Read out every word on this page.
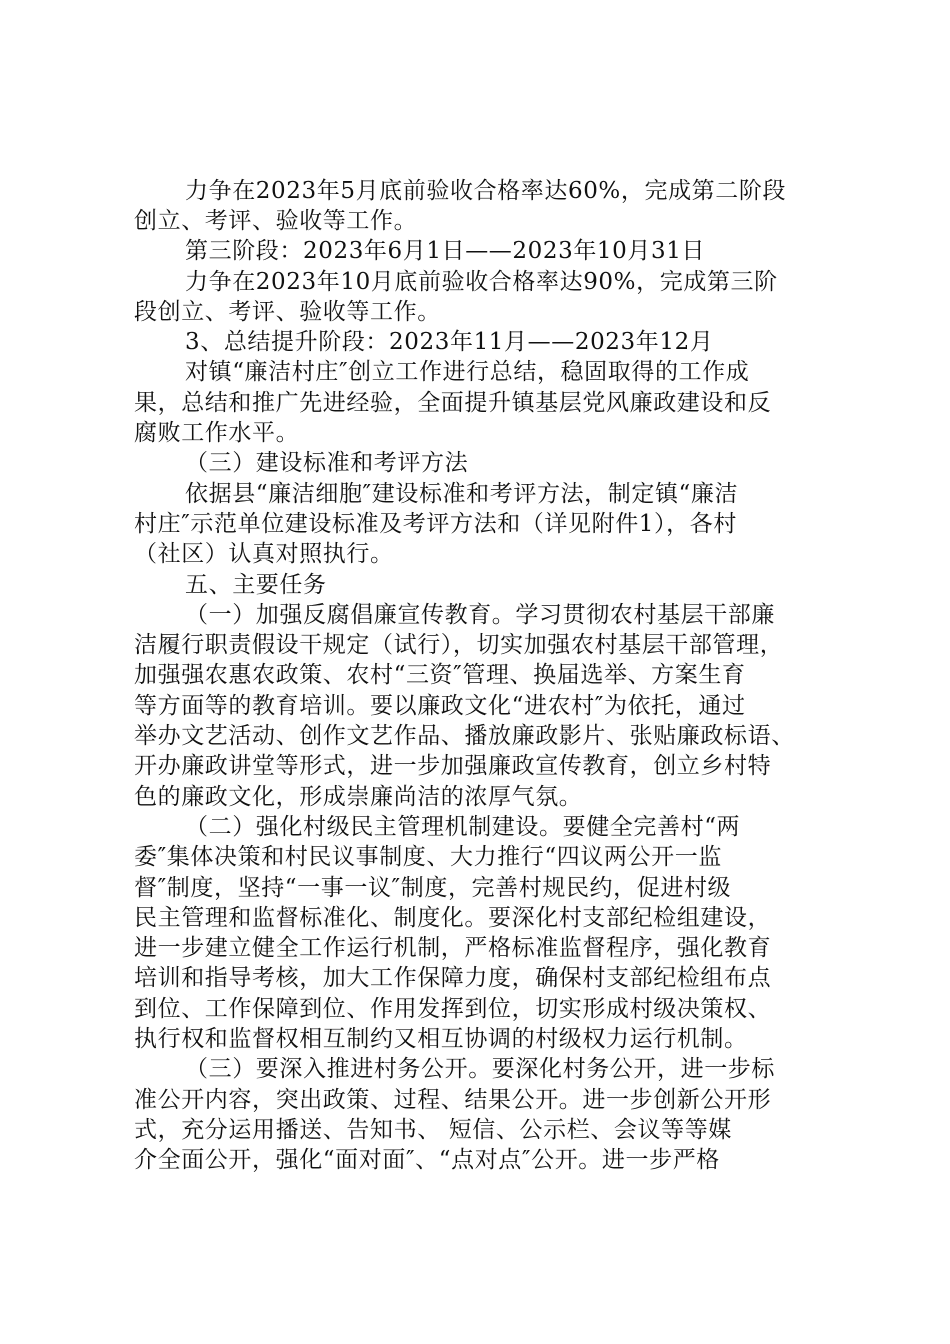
力争在2023年5月底前验收合格率达60%，完成第二阶段
创立、考评、验收等工作。
第三阶段：2023年6月1日——2023年10月31日
力争在2023年10月底前验收合格率达90%，完成第三阶
段创立、考评、验收等工作。
3、总结提升阶段：2023年11月——2023年12月
对镇“廉洁村庄″创立工作进行总结，稳固取得的工作成
果，总结和推广先进经验，全面提升镇基层党风廉政建设和反
腐败工作水平。
（三）建设标准和考评方法
依据县“廉洁细胞″建设标准和考评方法，制定镇“廉洁
村庄″示范单位建设标准及考评方法和（详见附件1），各村
（社区）认真对照执行。
五、主要任务
（一）加强反腐倡廉宣传教育。学习贯彻农村基层干部廉
洁履行职责假设干规定（试行），切实加强农村基层干部管理，
加强强农惠农政策、农村“三资″管理、换届选举、方案生育
等方面等的教育培训。要以廉政文化“进农村″为依托，通过
举办文艺活动、创作文艺作品、播放廉政影片、张贴廉政标语、
开办廉政讲堂等形式，进一步加强廉政宣传教育，创立乡村特
色的廉政文化，形成崇廉尚洁的浓厚气氛。
（二）强化村级民主管理机制建设。要健全完善村“两
委″集体决策和村民议事制度、大力推行“四议两公开一监
督″制度，坚持“一事一议″制度，完善村规民约，促进村级
民主管理和监督标准化、制度化。要深化村支部纪检组建设，
进一步建立健全工作运行机制，严格标准监督程序，强化教育
培训和指导考核，加大工作保障力度，确保村支部纪检组布点
到位、工作保障到位、作用发挥到位，切实形成村级决策权、
执行权和监督权相互制约又相互协调的村级权力运行机制。
（三）要深入推进村务公开。要深化村务公开，进一步标
准公开内容，突出政策、过程、结果公开。进一步创新公开形
式，充分运用播送、告知书、 短信、公示栏、会议等等媒
介全面公开，强化“面对面″、“点对点″公开。进一步严格
